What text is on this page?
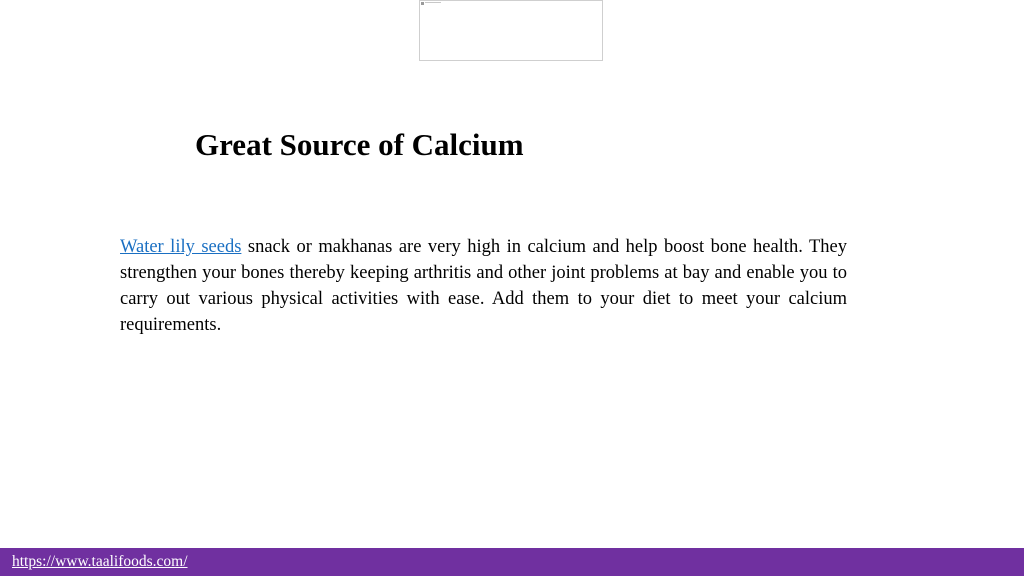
Great Source of Calcium

Water lily seeds snack or makhanas are very high in calcium and help boost bone health. They strengthen your bones thereby keeping arthritis and other joint problems at bay and enable you to carry out various physical activities with ease. Add them to your diet to meet your calcium requirements.

https://www.taalifoods.com/
